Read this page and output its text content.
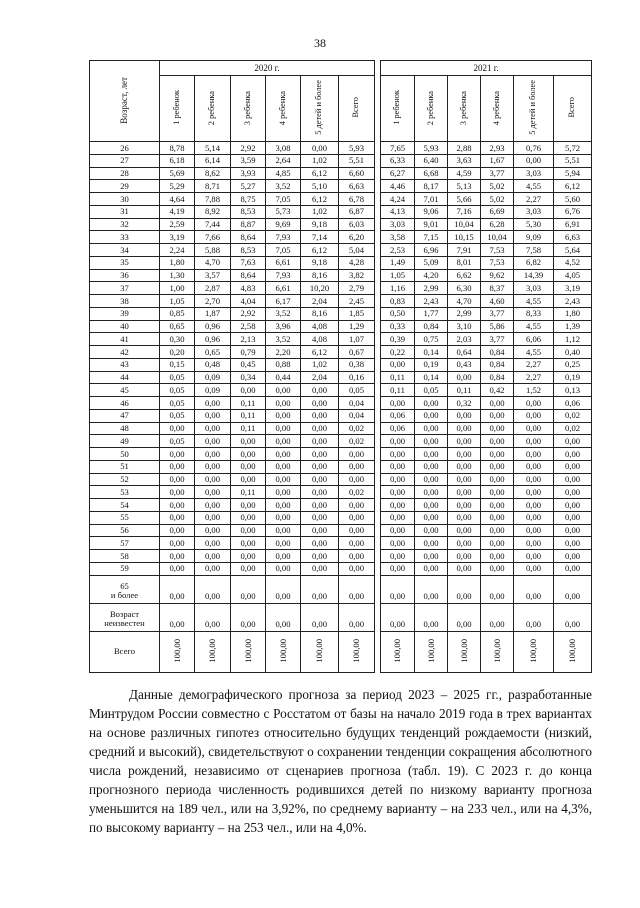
38
Возраст, лет	2020 г.							2021 г.					
	1 ребенок	2 ребенка	3 ребенка	4 ребенка	5 детей и более	Всего		1 ребенок	2 ребенка	3 ребенка	4 ребенка	5 детей и более	Всего
26	8,78	5,14	2,92	3,08	0,00	5,93		7,65	5,93	2,88	2,93	0,76	5,72
27	6,18	6,14	3,59	2,64	1,02	5,51		6,33	6,40	3,63	1,67	0,00	5,51
28	5,69	8,62	3,93	4,85	6,12	6,60		6,27	6,68	4,59	3,77	3,03	5,94
29	5,29	8,71	5,27	3,52	5,10	6,63		4,46	8,17	5,13	5,02	4,55	6,12
30	4,64	7,88	8,75	7,05	6,12	6,78		4,24	7,01	5,66	5,02	2,27	5,60
31	4,19	8,92	8,53	5,73	1,02	6,87		4,13	9,06	7,16	6,69	3,03	6,76
32	2,59	7,44	8,87	9,69	9,18	6,03		3,03	9,01	10,04	6,28	5,30	6,91
33	3,19	7,66	8,64	7,93	7,14	6,20		3,58	7,15	10,15	10,04	9,09	6,63
34	2,24	5,88	8,53	7,05	6,12	5,04		2,53	6,96	7,91	7,53	7,58	5,64
35	1,80	4,70	7,63	6,61	9,18	4,28		1,49	5,09	8,01	7,53	6,82	4,52
36	1,30	3,57	8,64	7,93	8,16	3,82		1,05	4,20	6,62	9,62	14,39	4,05
37	1,00	2,87	4,83	6,61	10,20	2,79		1,16	2,99	6,30	8,37	3,03	3,19
38	1,05	2,70	4,04	6,17	2,04	2,45		0,83	2,43	4,70	4,60	4,55	2,43
39	0,85	1,87	2,92	3,52	8,16	1,85		0,50	1,77	2,99	3,77	8,33	1,80
40	0,65	0,96	2,58	3,96	4,08	1,29		0,33	0,84	3,10	5,86	4,55	1,39
41	0,30	0,96	2,13	3,52	4,08	1,07		0,39	0,75	2,03	3,77	6,06	1,12
42	0,20	0,65	0,79	2,20	6,12	0,67		0,22	0,14	0,64	0,84	4,55	0,40
43	0,15	0,48	0,45	0,88	1,02	0,38		0,00	0,19	0,43	0,84	2,27	0,25
44	0,05	0,09	0,34	0,44	2,04	0,16		0,11	0,14	0,00	0,84	2,27	0,19
45	0,05	0,09	0,00	0,00	0,00	0,05		0,11	0,05	0,11	0,42	1,52	0,13
46	0,05	0,00	0,11	0,00	0,00	0,04		0,00	0,00	0,32	0,00	0,00	0,06
47	0,05	0,00	0,11	0,00	0,00	0,04		0,06	0,00	0,00	0,00	0,00	0,02
48	0,00	0,00	0,11	0,00	0,00	0,02		0,06	0,00	0,00	0,00	0,00	0,02
49	0,05	0,00	0,00	0,00	0,00	0,02		0,00	0,00	0,00	0,00	0,00	0,00
50	0,00	0,00	0,00	0,00	0,00	0,00		0,00	0,00	0,00	0,00	0,00	0,00
51	0,00	0,00	0,00	0,00	0,00	0,00		0,00	0,00	0,00	0,00	0,00	0,00
52	0,00	0,00	0,00	0,00	0,00	0,00		0,00	0,00	0,00	0,00	0,00	0,00
53	0,00	0,00	0,11	0,00	0,00	0,02		0,00	0,00	0,00	0,00	0,00	0,00
54	0,00	0,00	0,00	0,00	0,00	0,00		0,00	0,00	0,00	0,00	0,00	0,00
55	0,00	0,00	0,00	0,00	0,00	0,00		0,00	0,00	0,00	0,00	0,00	0,00
56	0,00	0,00	0,00	0,00	0,00	0,00		0,00	0,00	0,00	0,00	0,00	0,00
57	0,00	0,00	0,00	0,00	0,00	0,00		0,00	0,00	0,00	0,00	0,00	0,00
58	0,00	0,00	0,00	0,00	0,00	0,00		0,00	0,00	0,00	0,00	0,00	0,00
59	0,00	0,00	0,00	0,00	0,00	0,00		0,00	0,00	0,00	0,00	0,00	0,00

65
и более	0,00	0,00	0,00	0,00	0,00	0,00		0,00	0,00	0,00	0,00	0,00	0,00

Возраст
неизвестен	0,00	0,00	0,00	0,00	0,00	0,00		0,00	0,00	0,00	0,00	0,00	0,00
Всего	100,00	100,00	100,00	100,00	100,00	100,00		100,00	100,00	100,00	100,00	100,00	100,00

Данные демографического прогноза за период 2023 – 2025 гг., разработанные Минтрудом России совместно с Росстатом от базы на начало 2019 года в трех вариантах на основе различных гипотез относительно будущих тенденций рождаемости (низкий, средний и высокий), свидетельствуют о сохранении тенденции сокращения абсолютного числа рождений, независимо от сценариев прогноза (табл. 19). С 2023 г. до конца прогнозного периода численность родившихся детей по низкому варианту прогноза уменьшится на 189 чел., или на 3,92%, по среднему варианту – на 233 чел., или на 4,3%, по высокому варианту – на 253 чел., или на 4,0%.
